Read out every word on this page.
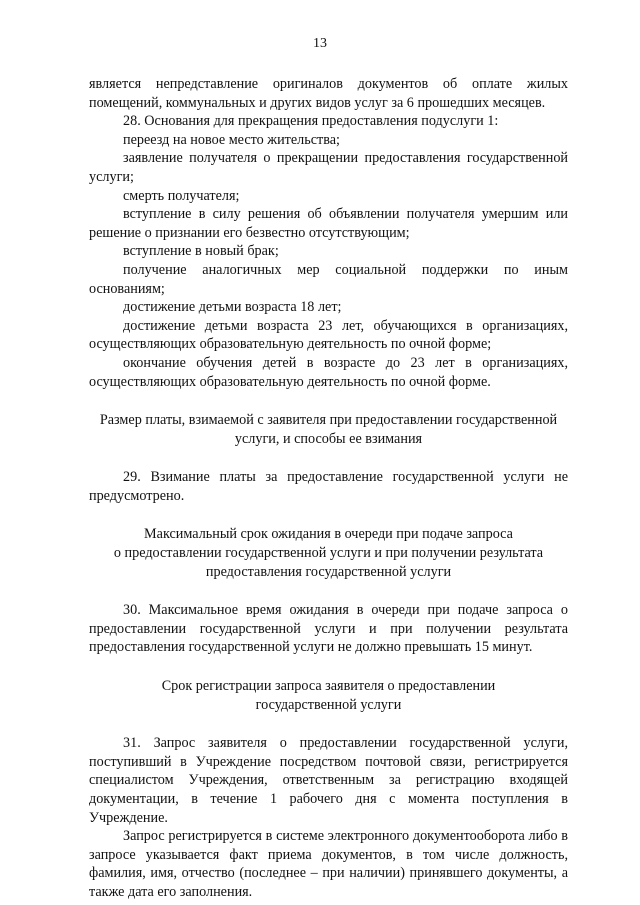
13

является непредставление оригиналов документов об оплате жилых помещений, коммунальных и других видов услуг за 6 прошедших месяцев.

28. Основания для прекращения предоставления подуслуги 1:

переезд на новое место жительства;

заявление получателя о прекращении предоставления государственной услуги;

смерть получателя;

вступление в силу решения об объявлении получателя умершим или решение о признании его безвестно отсутствующим;

вступление в новый брак;

получение аналогичных мер социальной поддержки по иным основаниям;

достижение детьми возраста 18 лет;

достижение детьми возраста 23 лет, обучающихся в организациях, осуществляющих образовательную деятельность по очной форме;

окончание обучения детей в возрасте до 23 лет в организациях, осуществляющих образовательную деятельность по очной форме.

Размер платы, взимаемой с заявителя при предоставлении государственной услуги, и способы ее взимания

29. Взимание платы за предоставление государственной услуги не предусмотрено.

Максимальный срок ожидания в очереди при подаче запроса
о предоставлении государственной услуги и при получении результата
предоставления государственной услуги

30. Максимальное время ожидания в очереди при подаче запроса о предоставлении государственной услуги и при получении результата предоставления государственной услуги не должно превышать 15 минут.

Срок регистрации запроса заявителя о предоставлении
государственной услуги

31. Запрос заявителя о предоставлении государственной услуги, поступивший в Учреждение посредством почтовой связи, регистрируется специалистом Учреждения, ответственным за регистрацию входящей документации, в течение 1 рабочего дня с момента поступления в Учреждение.

Запрос регистрируется в системе электронного документооборота либо в запросе указывается факт приема документов, в том числе должность, фамилия, имя, отчество (последнее – при наличии) принявшего документы, а также дата его заполнения.
